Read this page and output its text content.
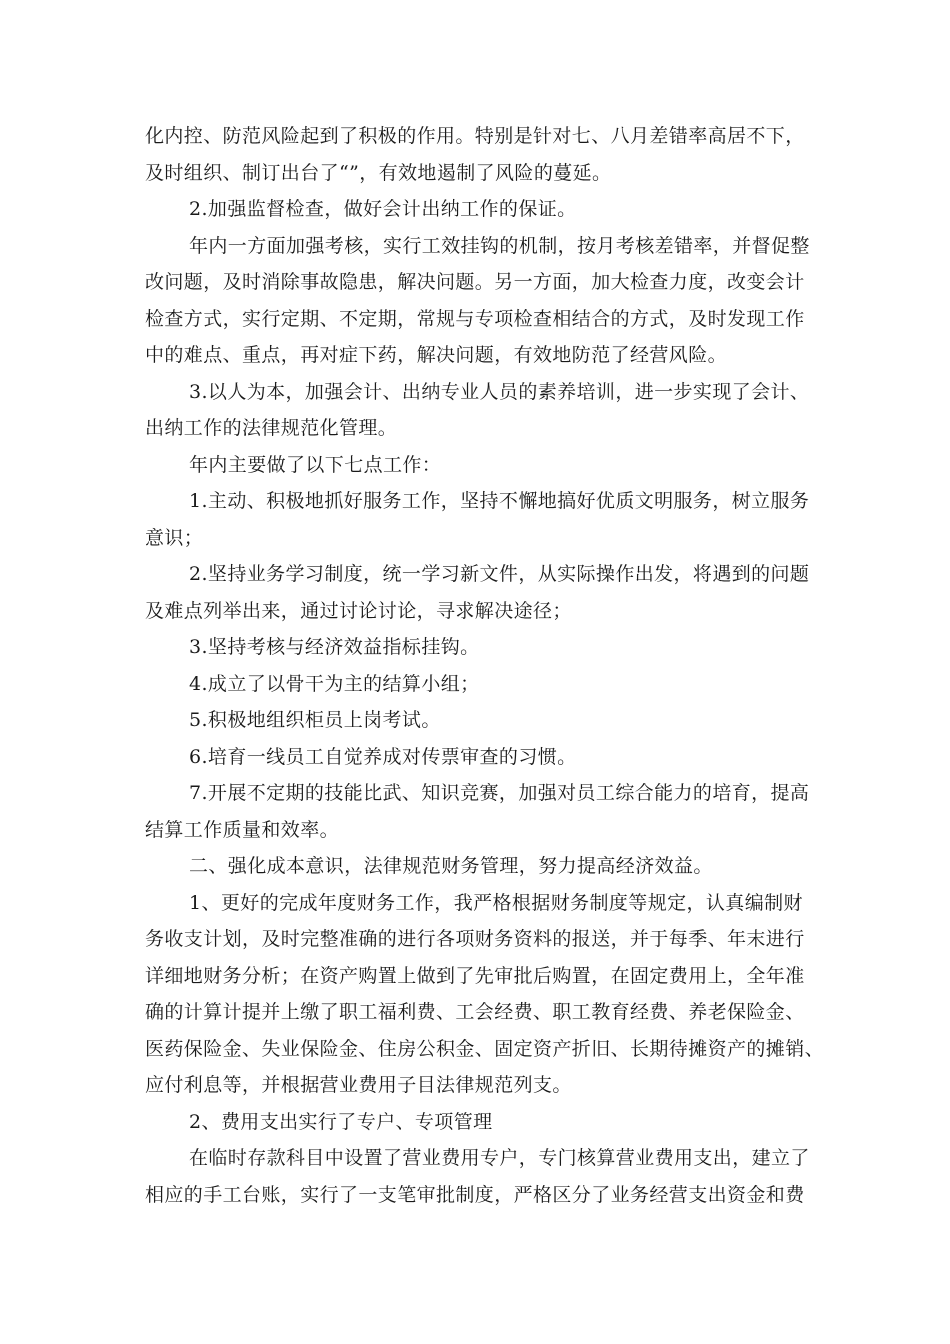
化内控、防范风险起到了积极的作用。特别是针对七、八月差错率高居不下，
及时组织、制订出台了“”，有效地遏制了风险的蔓延。
2.加强监督检查，做好会计出纳工作的保证。
年内一方面加强考核，实行工效挂钩的机制，按月考核差错率，并督促整
改问题，及时消除事故隐患，解决问题。另一方面，加大检查力度，改变会计
检查方式，实行定期、不定期，常规与专项检查相结合的方式，及时发现工作
中的难点、重点，再对症下药，解决问题，有效地防范了经营风险。
3.以人为本，加强会计、出纳专业人员的素养培训，进一步实现了会计、
出纳工作的法律规范化管理。
年内主要做了以下七点工作：
1.主动、积极地抓好服务工作，坚持不懈地搞好优质文明服务，树立服务
意识；
2.坚持业务学习制度，统一学习新文件，从实际操作出发，将遇到的问题
及难点列举出来，通过讨论讨论，寻求解决途径；
3.坚持考核与经济效益指标挂钩。
4.成立了以骨干为主的结算小组；
5.积极地组织柜员上岗考试。
6.培育一线员工自觉养成对传票审查的习惯。
7.开展不定期的技能比武、知识竞赛，加强对员工综合能力的培育，提高
结算工作质量和效率。
二、强化成本意识，法律规范财务管理，努力提高经济效益。
1、更好的完成年度财务工作，我严格根据财务制度等规定，认真编制财
务收支计划，及时完整准确的进行各项财务资料的报送，并于每季、年末进行
详细地财务分析；在资产购置上做到了先审批后购置，在固定费用上，全年准
确的计算计提并上缴了职工福利费、工会经费、职工教育经费、养老保险金、
医药保险金、失业保险金、住房公积金、固定资产折旧、长期待摊资产的摊销、
应付利息等，并根据营业费用子目法律规范列支。
2、费用支出实行了专户、专项管理
在临时存款科目中设置了营业费用专户，专门核算营业费用支出，建立了
相应的手工台账，实行了一支笔审批制度，严格区分了业务经营支出资金和费
